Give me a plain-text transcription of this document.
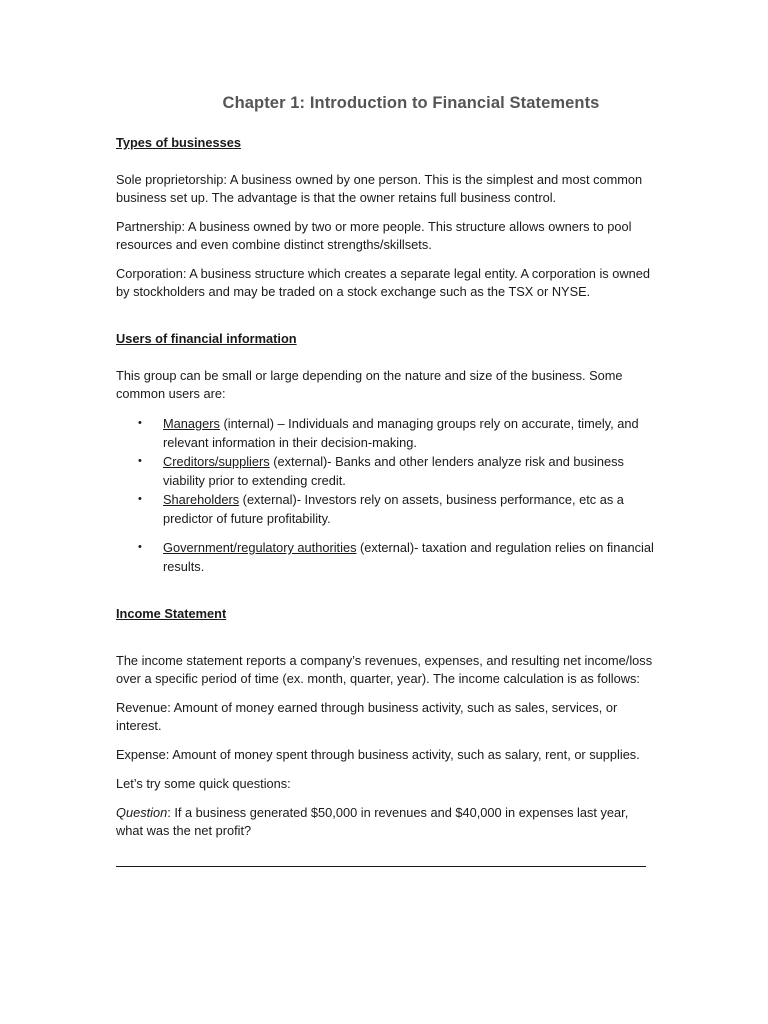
Chapter 1: Introduction to Financial Statements
Types of businesses

Sole proprietorship: A business owned by one person. This is the simplest and most common business set up. The advantage is that the owner retains full business control.

Partnership: A business owned by two or more people. This structure allows owners to pool resources and even combine distinct strengths/skillsets.

Corporation: A business structure which creates a separate legal entity. A corporation is owned by stockholders and may be traded on a stock exchange such as the TSX or NYSE.

Users of financial information

This group can be small or large depending on the nature and size of the business. Some common users are:

• Managers (internal) – Individuals and managing groups rely on accurate, timely, and relevant information in their decision-making.
• Creditors/suppliers (external)- Banks and other lenders analyze risk and business viability prior to extending credit.
• Shareholders (external)- Investors rely on assets, business performance, etc as a predictor of future profitability.
• Government/regulatory authorities (external)- taxation and regulation relies on financial results.
Income Statement

The income statement reports a company’s revenues, expenses, and resulting net income/loss over a specific period of time (ex. month, quarter, year). The income calculation is as follows:

Revenue: Amount of money earned through business activity, such as sales, services, or interest.

Expense: Amount of money spent through business activity, such as salary, rent, or supplies.

Let’s try some quick questions:

Question: If a business generated $50,000 in revenues and $40,000 in expenses last year, what was the net profit?
